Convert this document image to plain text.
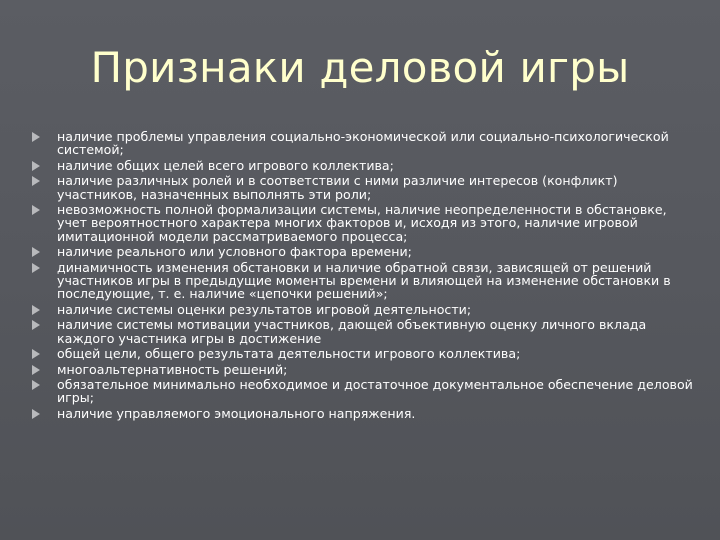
Признаки деловой игры
наличие проблемы управления социально-экономической или социально-психологической системой;
наличие общих целей всего игрового коллектива;
наличие различных ролей и в соответствии с ними различие интересов (конфликт) участников, назначенных выполнять эти роли;
невозможность полной формализации системы, наличие неопределенности в обстановке, учет вероятностного характера многих факторов и, исходя из этого, наличие игровой имитационной модели рассматриваемого процесса;
наличие реального или условного фактора времени;
динамичность изменения обстановки и наличие обратной связи, зависящей от решений участников игры в предыдущие моменты времени и влияющей на изменение обстановки в последующие, т. е. наличие «цепочки решений»;
наличие системы оценки результатов игровой деятельности;
наличие системы мотивации участников, дающей объективную оценку личного вклада каждого участника игры в достижение
общей цели, общего результата деятельности игрового коллектива;
многоальтернативность решений;
обязательное минимально необходимое и достаточное документальное обеспечение деловой игры;
наличие управляемого эмоционального напряжения.
